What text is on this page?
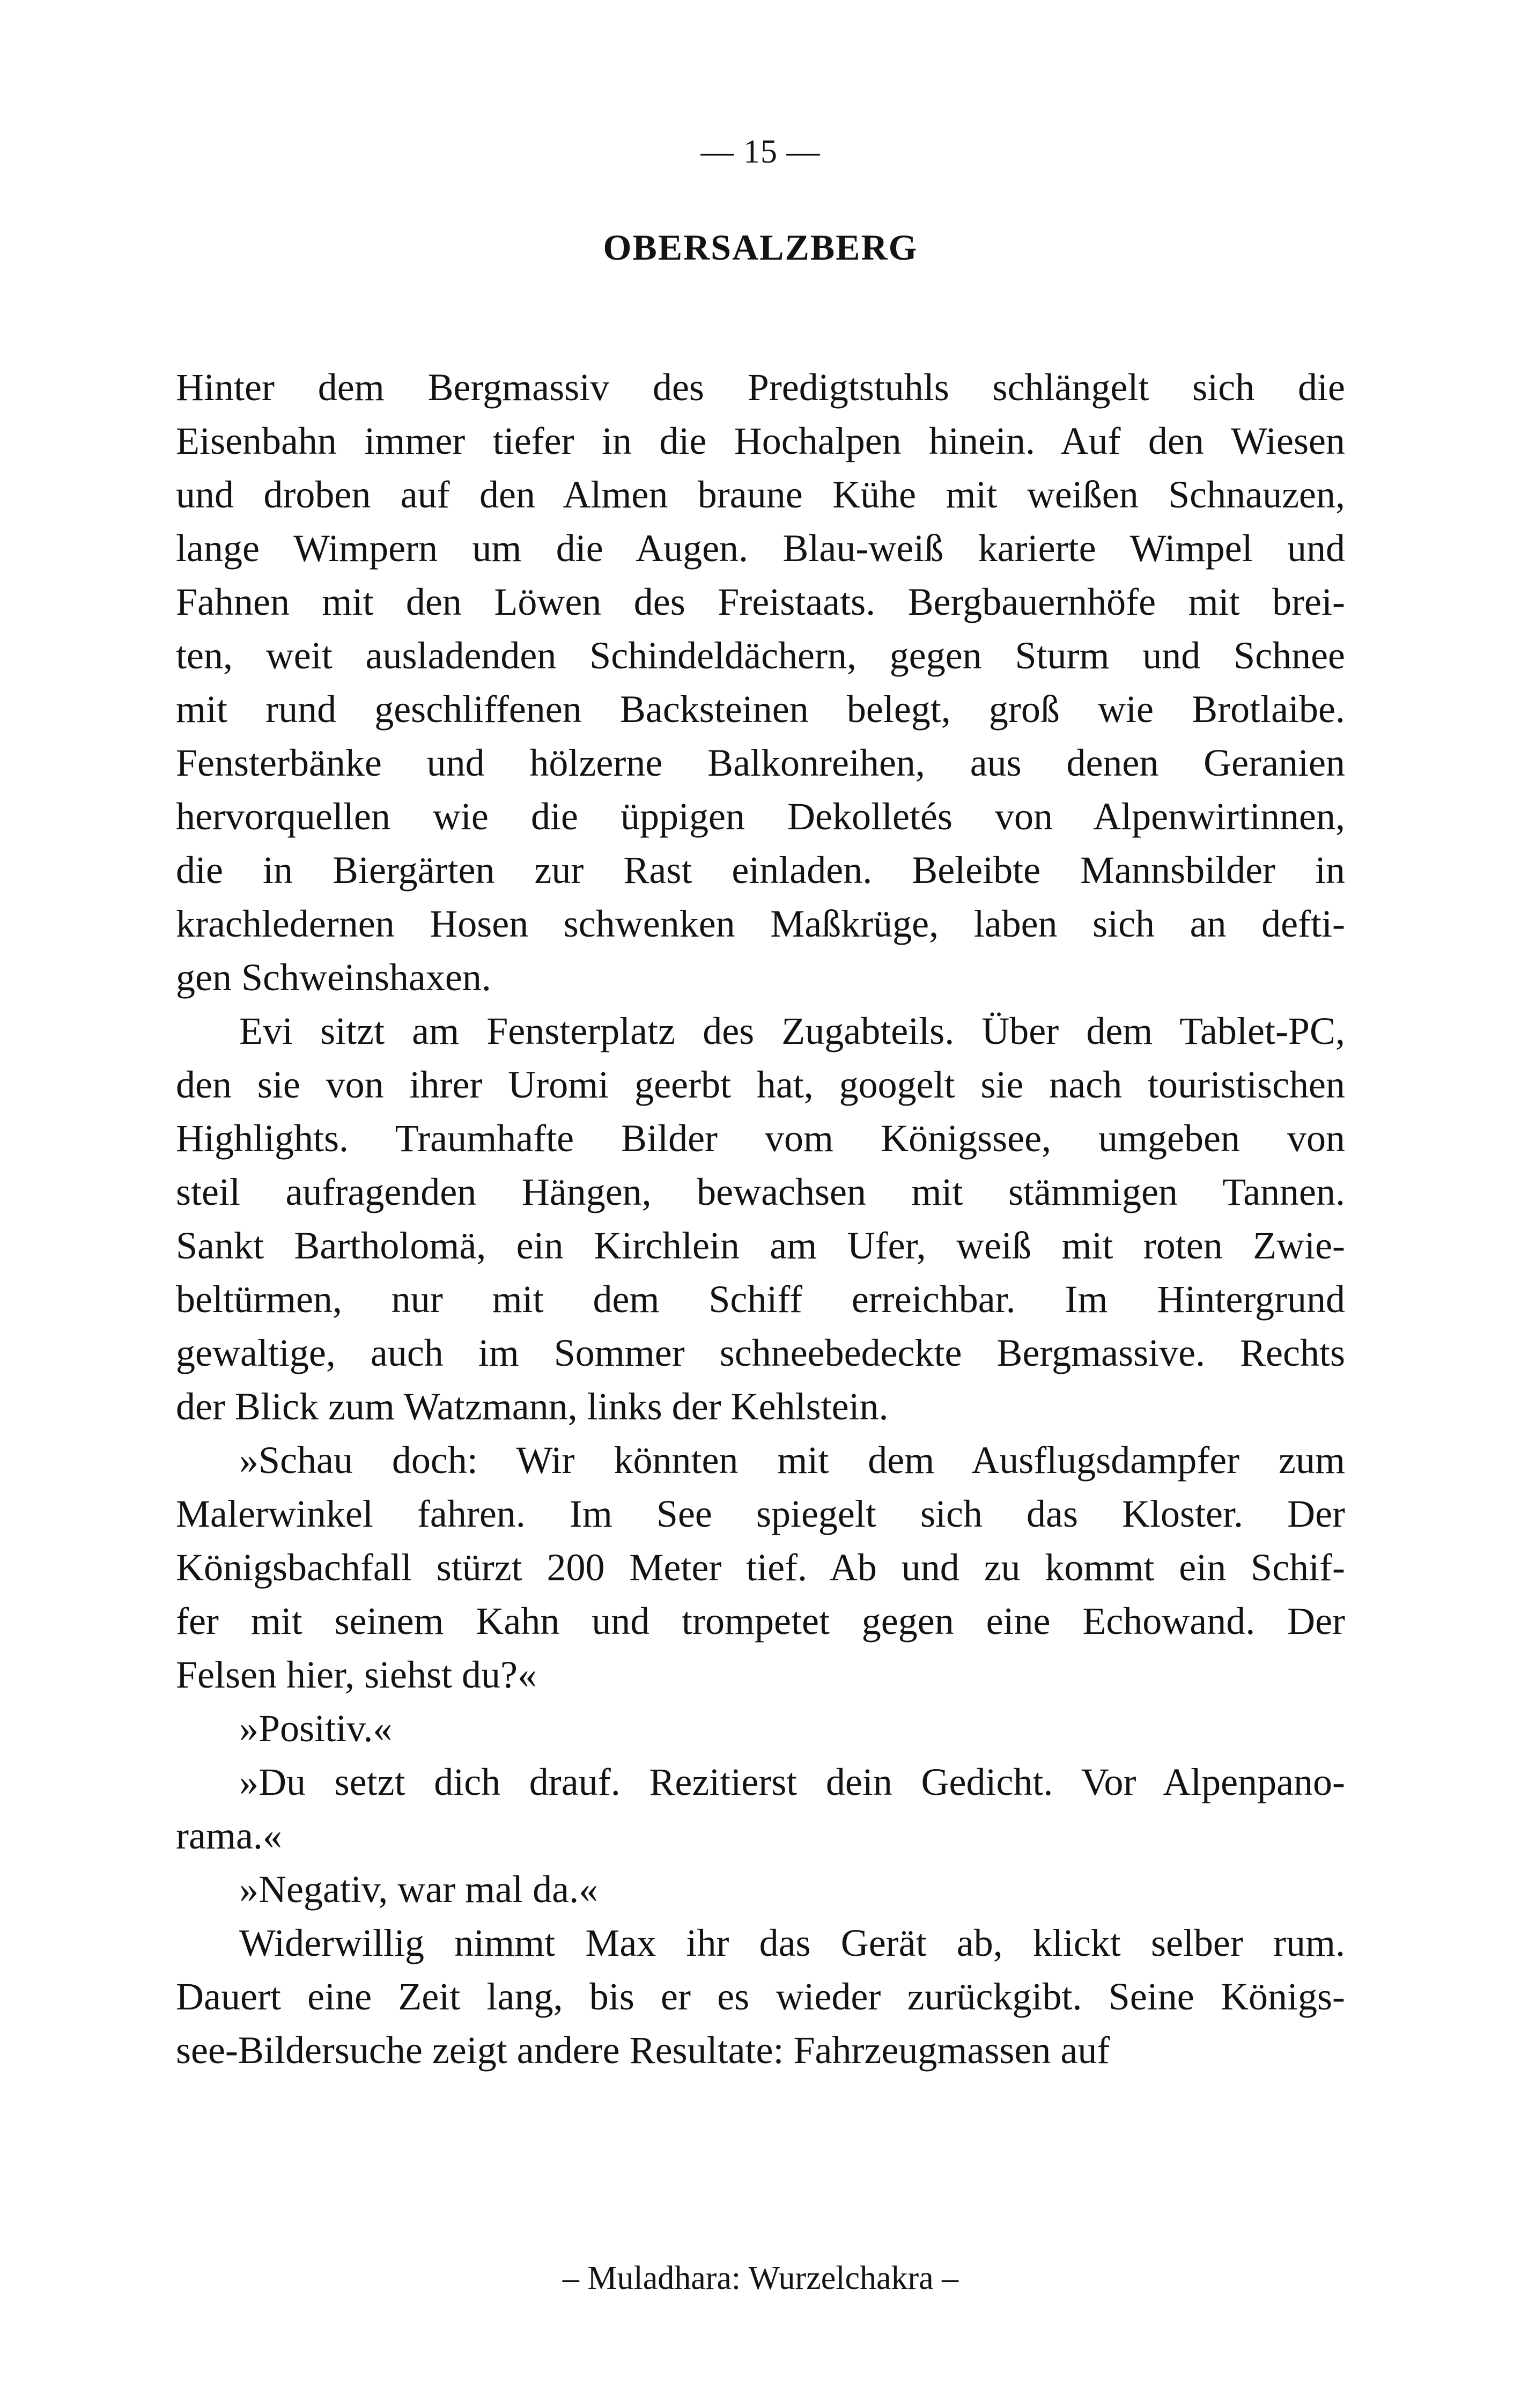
— 15 —
OBERSALZBERG

Hinter dem Bergmassiv des Predigtstuhls schlängelt sich die
Eisenbahn immer tiefer in die Hochalpen hinein. Auf den Wiesen
und droben auf den Almen braune Kühe mit weißen Schnauzen,
lange Wimpern um die Augen. Blau-weiß karierte Wimpel und
Fahnen mit den Löwen des Freistaats. Bergbauernhöfe mit brei-
ten, weit ausladenden Schindeldächern, gegen Sturm und Schnee
mit rund geschliffenen Backsteinen belegt, groß wie Brotlaibe.
Fensterbänke und hölzerne Balkonreihen, aus denen Geranien
hervorquellen wie die üppigen Dekolletés von Alpenwirtinnen,
die in Biergärten zur Rast einladen. Beleibte Mannsbilder in
krachledernen Hosen schwenken Maßkrüge, laben sich an defti-
gen Schweinshaxen.

Evi sitzt am Fensterplatz des Zugabteils. Über dem Tablet-PC,
den sie von ihrer Uromi geerbt hat, googelt sie nach touristischen
Highlights. Traumhafte Bilder vom Königssee, umgeben von
steil aufragenden Hängen, bewachsen mit stämmigen Tannen.
Sankt Bartholomä, ein Kirchlein am Ufer, weiß mit roten Zwie-
beltürmen, nur mit dem Schiff erreichbar. Im Hintergrund
gewaltige, auch im Sommer schneebedeckte Bergmassive. Rechts
der Blick zum Watzmann, links der Kehlstein.

»Schau doch: Wir könnten mit dem Ausflugsdampfer zum
Malerwinkel fahren. Im See spiegelt sich das Kloster. Der
Königsbachfall stürzt 200 Meter tief. Ab und zu kommt ein Schif-
fer mit seinem Kahn und trompetet gegen eine Echowand. Der
Felsen hier, siehst du?«

»Positiv.«

»Du setzt dich drauf. Rezitierst dein Gedicht. Vor Alpenpano-
rama.«

»Negativ, war mal da.«

Widerwillig nimmt Max ihr das Gerät ab, klickt selber rum.
Dauert eine Zeit lang, bis er es wieder zurückgibt. Seine Königs-
see-Bildersuche zeigt andere Resultate: Fahrzeugmassen auf

– Muladhara: Wurzelchakra –
